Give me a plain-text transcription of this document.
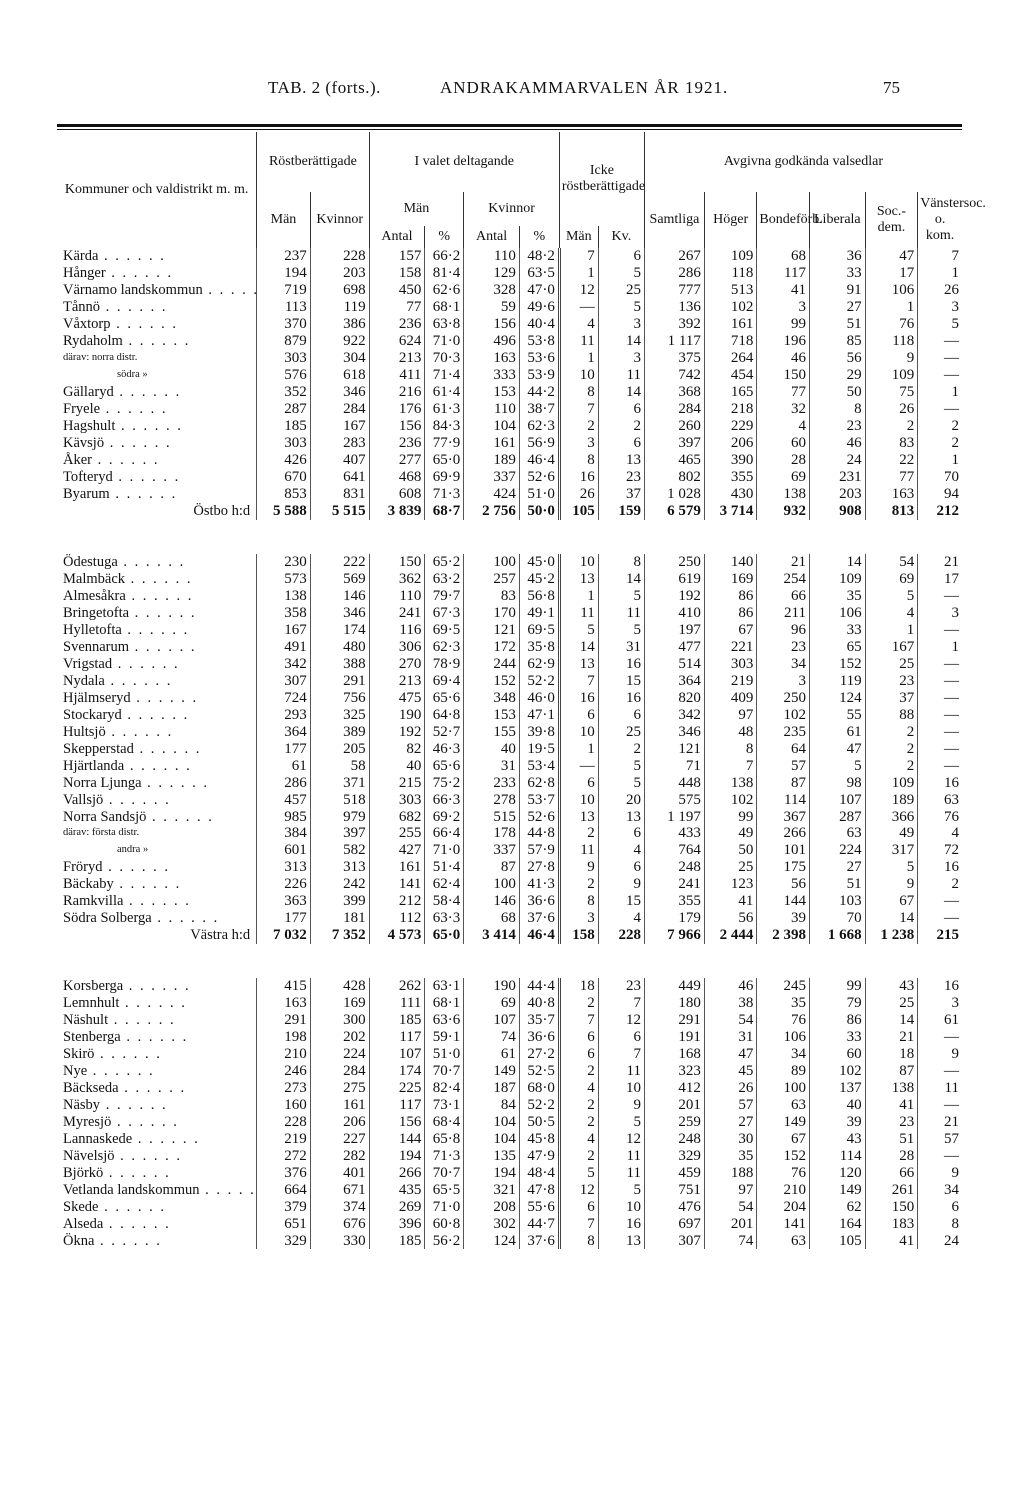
TAB. 2 (forts.).	ANDRAKAMMARVALEN ÅR 1921.	75
Kommuner och valdistrikt m. m.	Röstberättigade		I valet deltagande				Icke röstberättigade		Avgivna godkända valsedlar					
	Män	Kvinnor	Män		Kvinnor				Samtliga	Höger	Bondeförb.	Liberala	Soc.-dem.	Vänstersoc. o. kom.
			Antal	%	Antal	%	Män	Kv.						
Kärda . . .	237	228	157	66·2	110	48·2	7	6	267	109	68	36	47	7
Hånger . . .	194	203	158	81·4	129	63·5	1	5	286	118	117	33	17	1
Värnamo landskommun . . .	719	698	450	62·6	328	47·0	12	25	777	513	41	91	106	26
Tånnö . . .	113	119	77	68·1	59	49·6	—	5	136	102	3	27	1	3
Våxtorp . . .	370	386	236	63·8	156	40·4	4	3	392	161	99	51	76	5
Rydaholm . . .	879	922	624	71·0	496	53·8	11	14	1 117	718	196	85	118	—
därav: norra distr.	303	304	213	70·3	163	53·6	1	3	375	264	46	56	9	—
södra »	576	618	411	71·4	333	53·9	10	11	742	454	150	29	109	—
Gällaryd . . .	352	346	216	61·4	153	44·2	8	14	368	165	77	50	75	1
Fryele . . .	287	284	176	61·3	110	38·7	7	6	284	218	32	8	26	—
Hagshult . . .	185	167	156	84·3	104	62·3	2	2	260	229	4	23	2	2
Kävsjö . . .	303	283	236	77·9	161	56·9	3	6	397	206	60	46	83	2
Åker . . .	426	407	277	65·0	189	46·4	8	13	465	390	28	24	22	1
Tofteryd . . .	670	641	468	69·9	337	52·6	16	23	802	355	69	231	77	70
Byarum . . .	853	831	608	71·3	424	51·0	26	37	1 028	430	138	203	163	94
Östbo h:d	5 588	5 515	3 839	68·7	2 756	50·0	105	159	6 579	3 714	932	908	813	212

Ödestuga . . .	230	222	150	65·2	100	45·0	10	8	250	140	21	14	54	21
Malmbäck . . .	573	569	362	63·2	257	45·2	13	14	619	169	254	109	69	17
Almesåkra . . .	138	146	110	79·7	83	56·8	1	5	192	86	66	35	5	—
Bringetofta . . .	358	346	241	67·3	170	49·1	11	11	410	86	211	106	4	3
Hylletofta . . .	167	174	116	69·5	121	69·5	5	5	197	67	96	33	1	—
Svennarum . . .	491	480	306	62·3	172	35·8	14	31	477	221	23	65	167	1
Vrigstad . . .	342	388	270	78·9	244	62·9	13	16	514	303	34	152	25	—
Nydala . . .	307	291	213	69·4	152	52·2	7	15	364	219	3	119	23	—
Hjälmseryd . . .	724	756	475	65·6	348	46·0	16	16	820	409	250	124	37	—
Stockaryd . . .	293	325	190	64·8	153	47·1	6	6	342	97	102	55	88	—
Hultsjö . . .	364	389	192	52·7	155	39·8	10	25	346	48	235	61	2	—
Skepperstad . . .	177	205	82	46·3	40	19·5	1	2	121	8	64	47	2	—
Hjärtlanda . . .	61	58	40	65·6	31	53·4	—	5	71	7	57	5	2	—
Norra Ljunga . . .	286	371	215	75·2	233	62·8	6	5	448	138	87	98	109	16
Vallsjö . . .	457	518	303	66·3	278	53·7	10	20	575	102	114	107	189	63
Norra Sandsjö . . .	985	979	682	69·2	515	52·6	13	13	1 197	99	367	287	366	76
därav: första distr.	384	397	255	66·4	178	44·8	2	6	433	49	266	63	49	4
andra »	601	582	427	71·0	337	57·9	11	4	764	50	101	224	317	72
Fröryd . . .	313	313	161	51·4	87	27·8	9	6	248	25	175	27	5	16
Bäckaby . . .	226	242	141	62·4	100	41·3	2	9	241	123	56	51	9	2
Ramkvilla . . .	363	399	212	58·4	146	36·6	8	15	355	41	144	103	67	—
Södra Solberga . . .	177	181	112	63·3	68	37·6	3	4	179	56	39	70	14	—
Västra h:d	7 032	7 352	4 573	65·0	3 414	46·4	158	228	7 966	2 444	2 398	1 668	1 238	215

Korsberga . . .	415	428	262	63·1	190	44·4	18	23	449	46	245	99	43	16
Lemnhult . . .	163	169	111	68·1	69	40·8	2	7	180	38	35	79	25	3
Näshult . . .	291	300	185	63·6	107	35·7	7	12	291	54	76	86	14	61
Stenberga . . .	198	202	117	59·1	74	36·6	6	6	191	31	106	33	21	—
Skirö . . .	210	224	107	51·0	61	27·2	6	7	168	47	34	60	18	9
Nye . . .	246	284	174	70·7	149	52·5	2	11	323	45	89	102	87	—
Bäckseda . . .	273	275	225	82·4	187	68·0	4	10	412	26	100	137	138	11
Näsby . . .	160	161	117	73·1	84	52·2	2	9	201	57	63	40	41	—
Myresjö . . .	228	206	156	68·4	104	50·5	2	5	259	27	149	39	23	21
Lannaskede . . .	219	227	144	65·8	104	45·8	4	12	248	30	67	43	51	57
Nävelsjö . . .	272	282	194	71·3	135	47·9	2	11	329	35	152	114	28	—
Björkö . . .	376	401	266	70·7	194	48·4	5	11	459	188	76	120	66	9
Vetlanda landskommun . . .	664	671	435	65·5	321	47·8	12	5	751	97	210	149	261	34
Skede . . .	379	374	269	71·0	208	55·6	6	10	476	54	204	62	150	6
Alseda . . .	651	676	396	60·8	302	44·7	7	16	697	201	141	164	183	8
Ökna . . .	329	330	185	56·2	124	37·6	8	13	307	74	63	105	41	24
